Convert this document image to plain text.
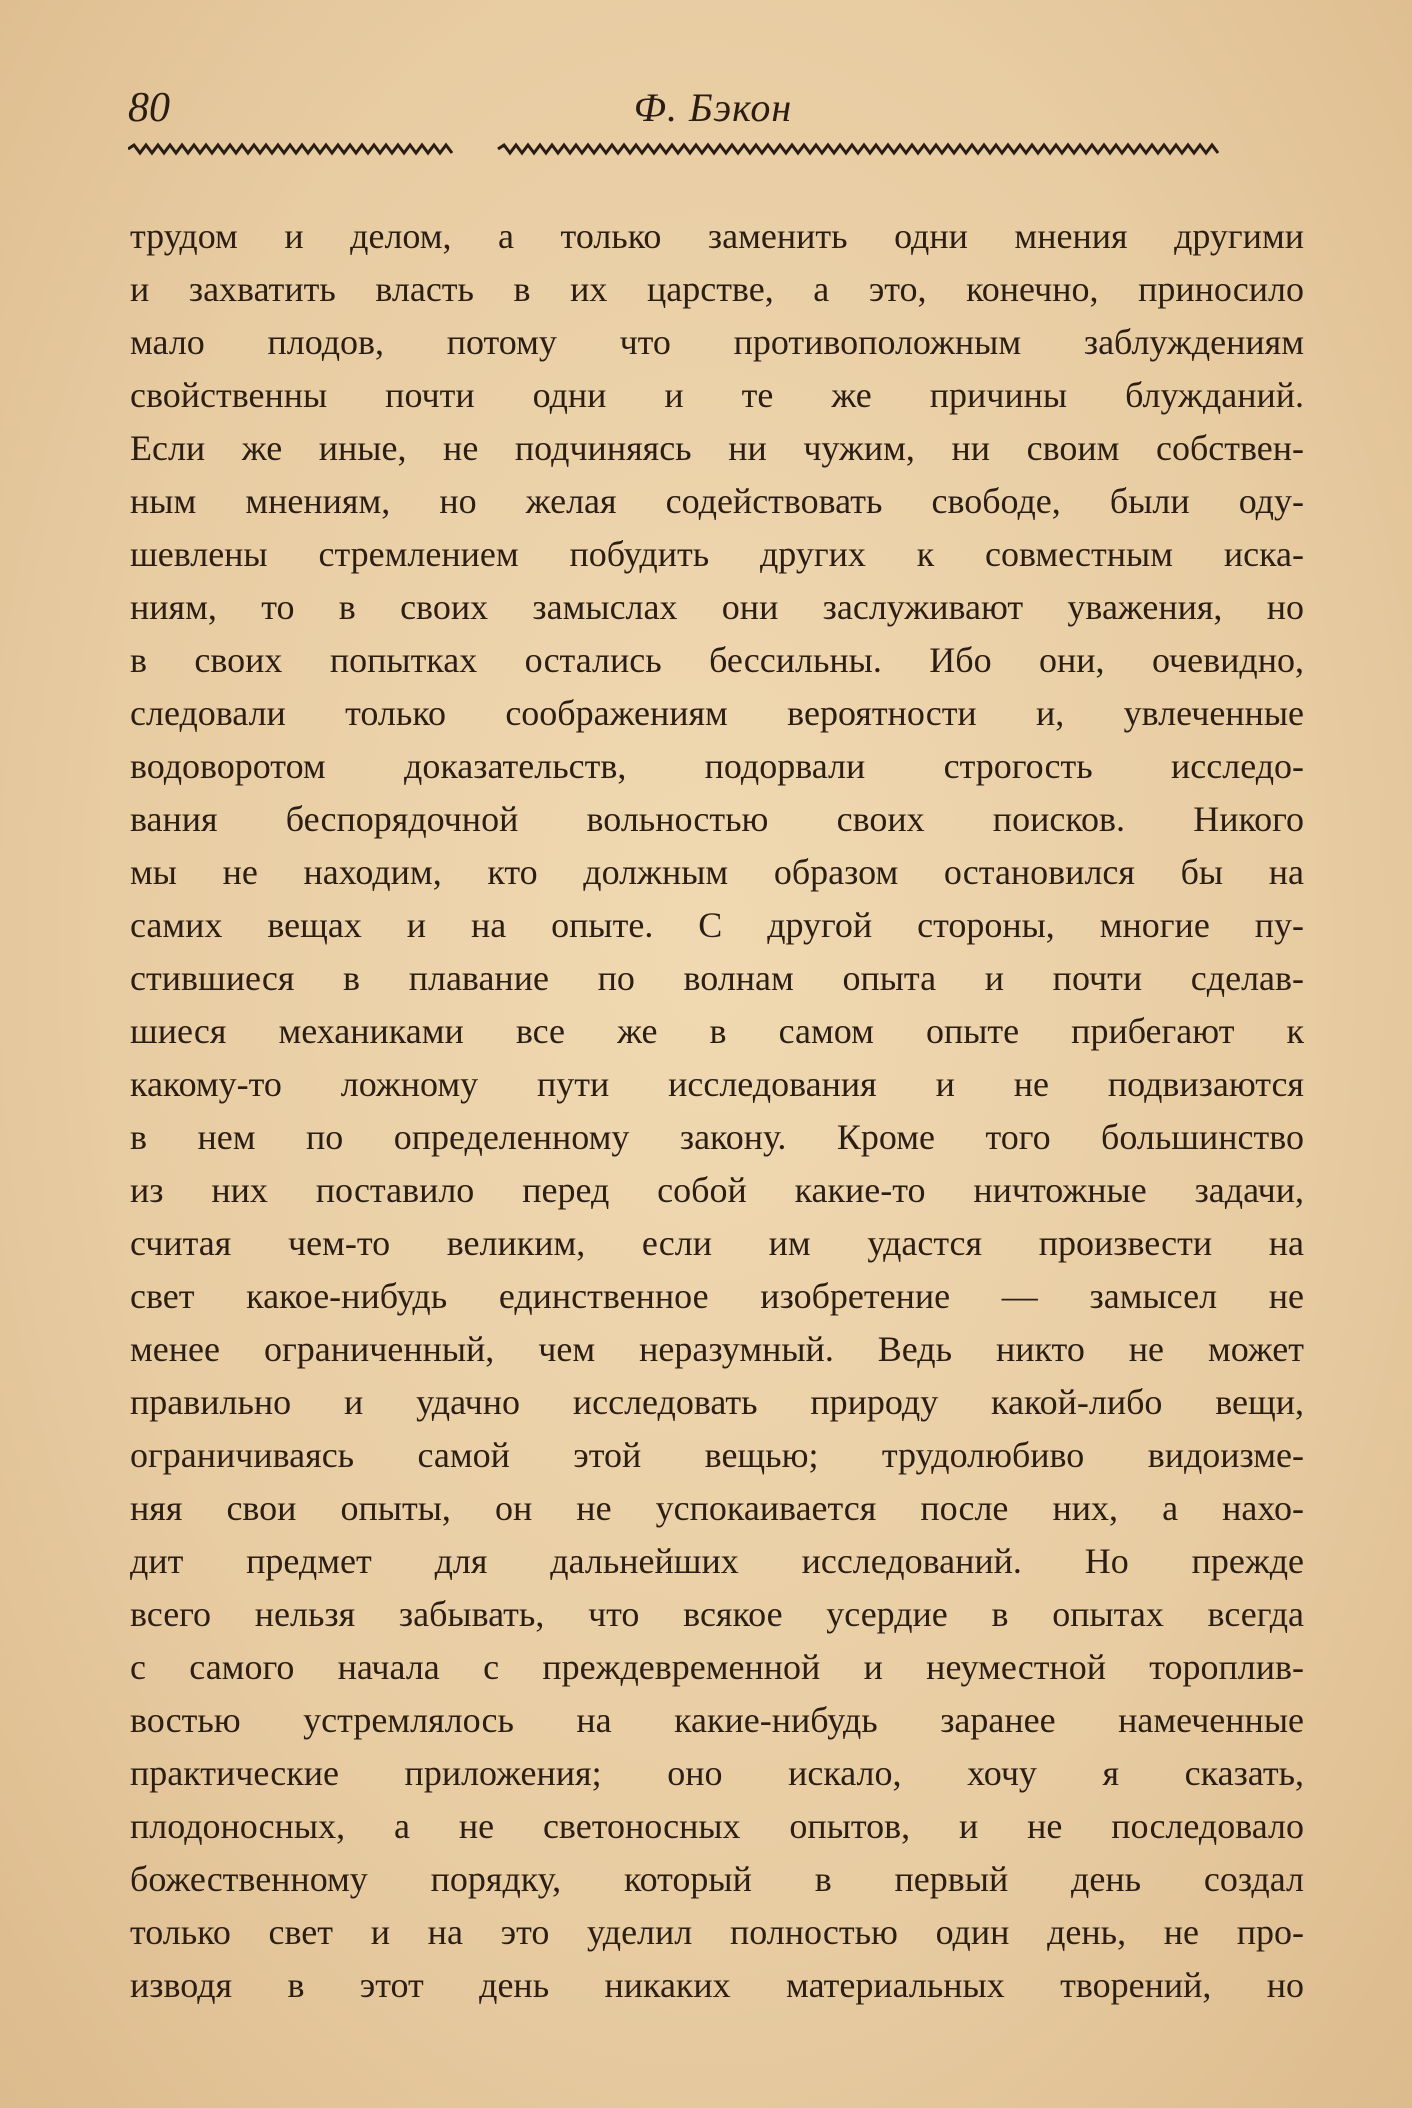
80	Ф. Бэкон
трудом и делом, а только заменить одни мнения другими
и захватить власть в их царстве, а это, конечно, приносило
мало плодов, потому что противоположным заблуждениям
свойственны почти одни и те же причины блужданий.
Если же иные, не подчиняясь ни чужим, ни своим собствен-
ным мнениям, но желая содействовать свободе, были оду-
шевлены стремлением побудить других к совместным иска-
ниям, то в своих замыслах они заслуживают уважения, но
в своих попытках остались бессильны. Ибо они, очевидно,
следовали только соображениям вероятности и, увлеченные
водоворотом доказательств, подорвали строгость исследо-
вания беспорядочной вольностью своих поисков. Никого
мы не находим, кто должным образом остановился бы на
самих вещах и на опыте. С другой стороны, многие пу-
стившиеся в плавание по волнам опыта и почти сделав-
шиеся механиками все же в самом опыте прибегают к
какому-то ложному пути исследования и не подвизаются
в нем по определенному закону. Кроме того большинство
из них поставило перед собой какие-то ничтожные задачи,
считая чем-то великим, если им удастся произвести на
свет какое-нибудь единственное изобретение — замысел не
менее ограниченный, чем неразумный. Ведь никто не может
правильно и удачно исследовать природу какой-либо вещи,
ограничиваясь самой этой вещью; трудолюбиво видоизме-
няя свои опыты, он не успокаивается после них, а нахо-
дит предмет для дальнейших исследований. Но прежде
всего нельзя забывать, что всякое усердие в опытах всегда
с самого начала с преждевременной и неуместной тороплив-
востью устремлялось на какие-нибудь заранее намеченные
практические приложения; оно искало, хочу я сказать,
плодоносных, а не светоносных опытов, и не последовало
божественному порядку, который в первый день создал
только свет и на это уделил полностью один день, не про-
изводя в этот день никаких материальных творений, но
